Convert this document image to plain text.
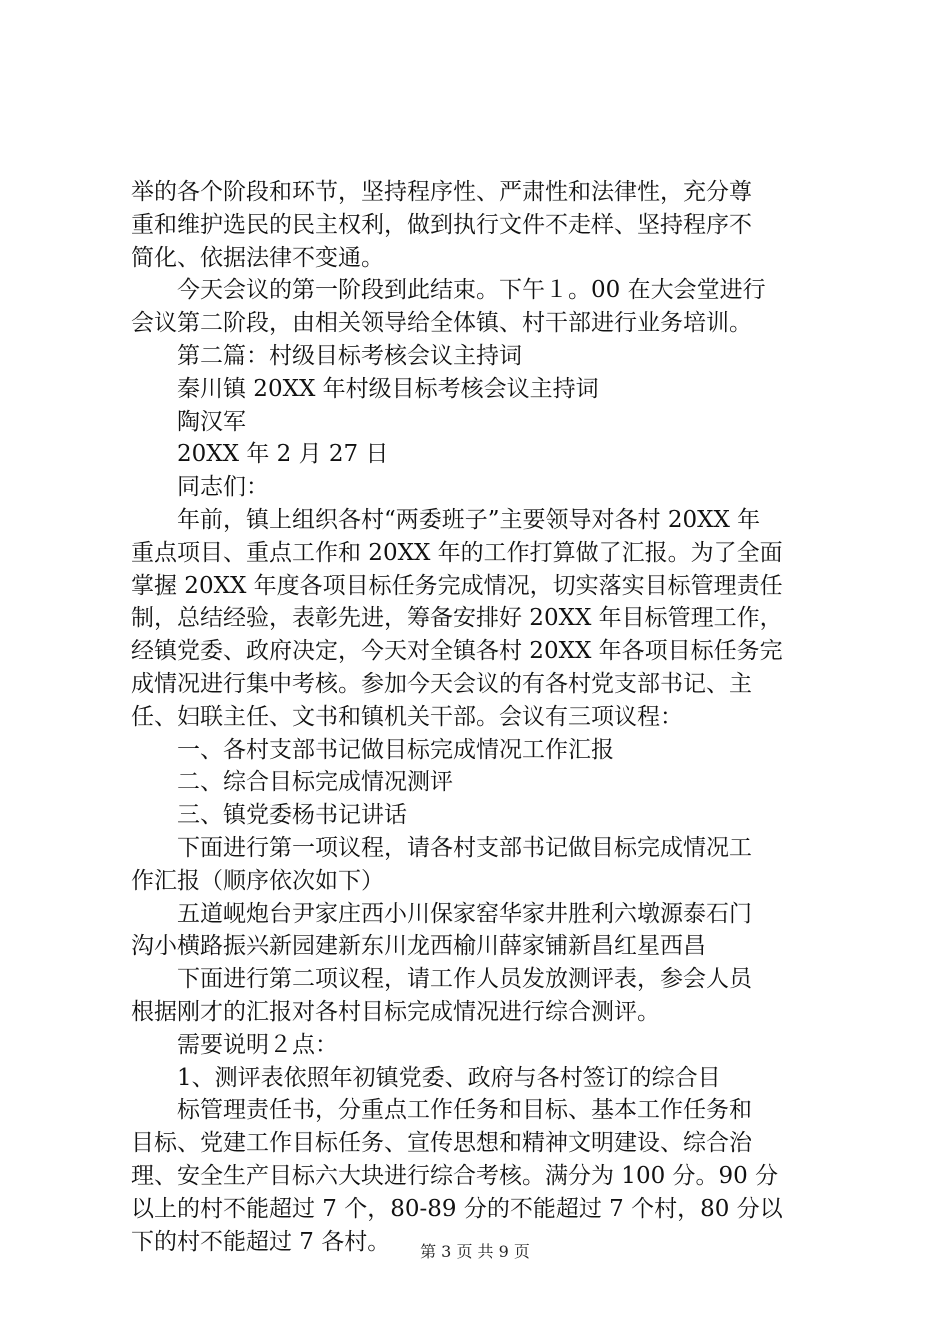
举的各个阶段和环节，坚持程序性、严肃性和法律性，充分尊
重和维护选民的民主权利，做到执行文件不走样、坚持程序不
简化、依据法律不变通。
今天会议的第一阶段到此结束。下午１。00 在大会堂进行
会议第二阶段，由相关领导给全体镇、村干部进行业务培训。
第二篇：村级目标考核会议主持词
秦川镇 20XX 年村级目标考核会议主持词
陶汉军
20XX 年 2 月 27 日
同志们：
年前，镇上组织各村“两委班子”主要领导对各村 20XX 年
重点项目、重点工作和 20XX 年的工作打算做了汇报。为了全面
掌握 20XX 年度各项目标任务完成情况，切实落实目标管理责任
制，总结经验，表彰先进，筹备安排好 20XX 年目标管理工作，
经镇党委、政府决定，今天对全镇各村 20XX 年各项目标任务完
成情况进行集中考核。参加今天会议的有各村党支部书记、主
任、妇联主任、文书和镇机关干部。会议有三项议程：
一、各村支部书记做目标完成情况工作汇报
二、综合目标完成情况测评
三、镇党委杨书记讲话
下面进行第一项议程，请各村支部书记做目标完成情况工
作汇报（顺序依次如下）
五道岘炮台尹家庄西小川保家窑华家井胜利六墩源泰石门
沟小横路振兴新园建新东川龙西榆川薛家铺新昌红星西昌
下面进行第二项议程，请工作人员发放测评表，参会人员
根据刚才的汇报对各村目标完成情况进行综合测评。
需要说明２点：
1、测评表依照年初镇党委、政府与各村签订的综合目
标管理责任书，分重点工作任务和目标、基本工作任务和
目标、党建工作目标任务、宣传思想和精神文明建设、综合治
理、安全生产目标六大块进行综合考核。满分为 100 分。90 分
以上的村不能超过 7 个，80-89 分的不能超过 7 个村，80 分以
下的村不能超过 7 各村。	第 3 页 共 9 页
